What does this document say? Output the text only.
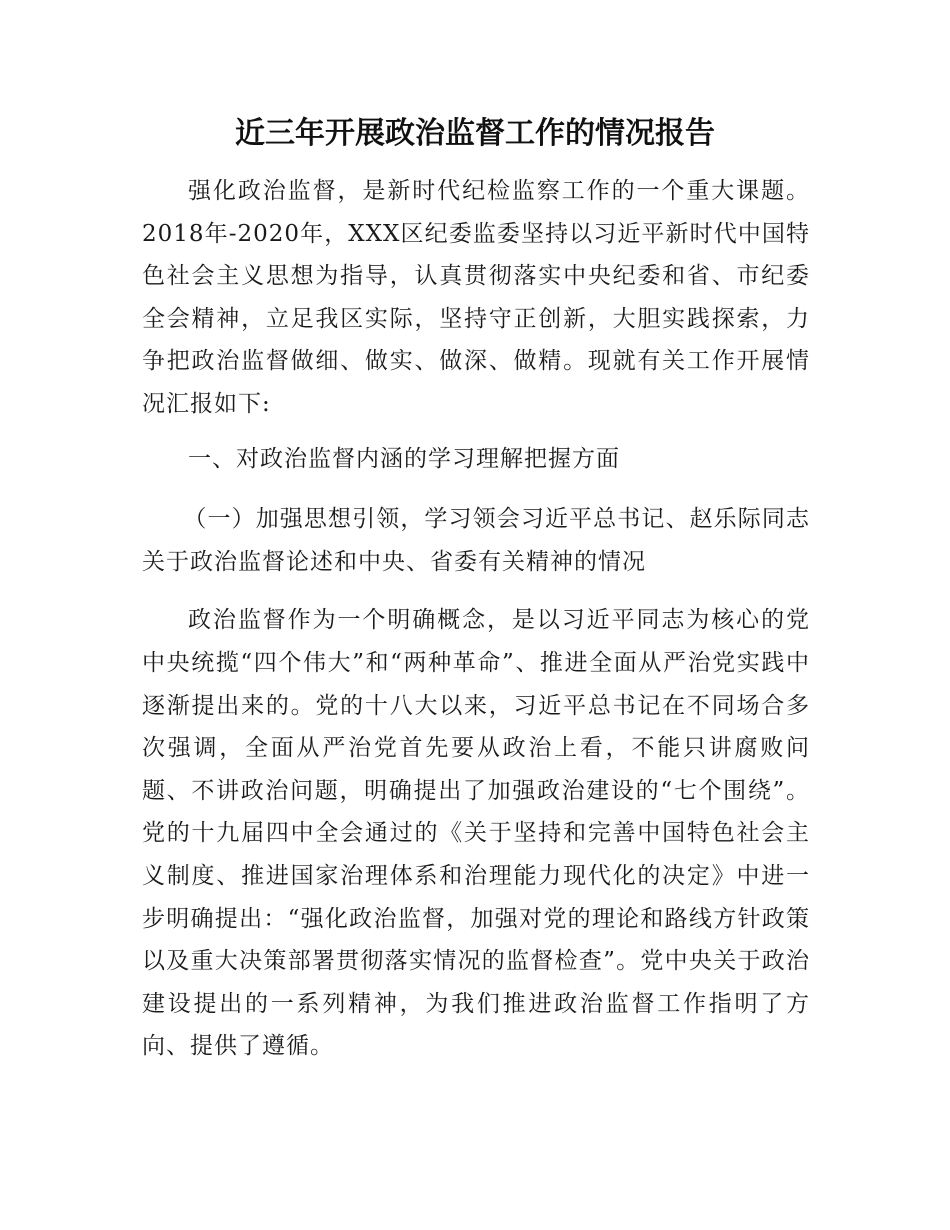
近三年开展政治监督工作的情况报告

强化政治监督，是新时代纪检监察工作的一个重大课题。2018年-2020年，XXX区纪委监委坚持以习近平新时代中国特色社会主义思想为指导，认真贯彻落实中央纪委和省、市纪委全会精神，立足我区实际，坚持守正创新，大胆实践探索，力争把政治监督做细、做实、做深、做精。现就有关工作开展情况汇报如下:

一、对政治监督内涵的学习理解把握方面

（一）加强思想引领，学习领会习近平总书记、赵乐际同志关于政治监督论述和中央、省委有关精神的情况

政治监督作为一个明确概念，是以习近平同志为核心的党中央统揽“四个伟大”和“两种革命”、推进全面从严治党实践中逐渐提出来的。党的十八大以来，习近平总书记在不同场合多次强调，全面从严治党首先要从政治上看，不能只讲腐败问题、不讲政治问题，明确提出了加强政治建设的“七个围绕”。党的十九届四中全会通过的《关于坚持和完善中国特色社会主义制度、推进国家治理体系和治理能力现代化的决定》中进一步明确提出：“强化政治监督，加强对党的理论和路线方针政策以及重大决策部署贯彻落实情况的监督检查”。党中央关于政治建设提出的一系列精神，为我们推进政治监督工作指明了方向、提供了遵循。
